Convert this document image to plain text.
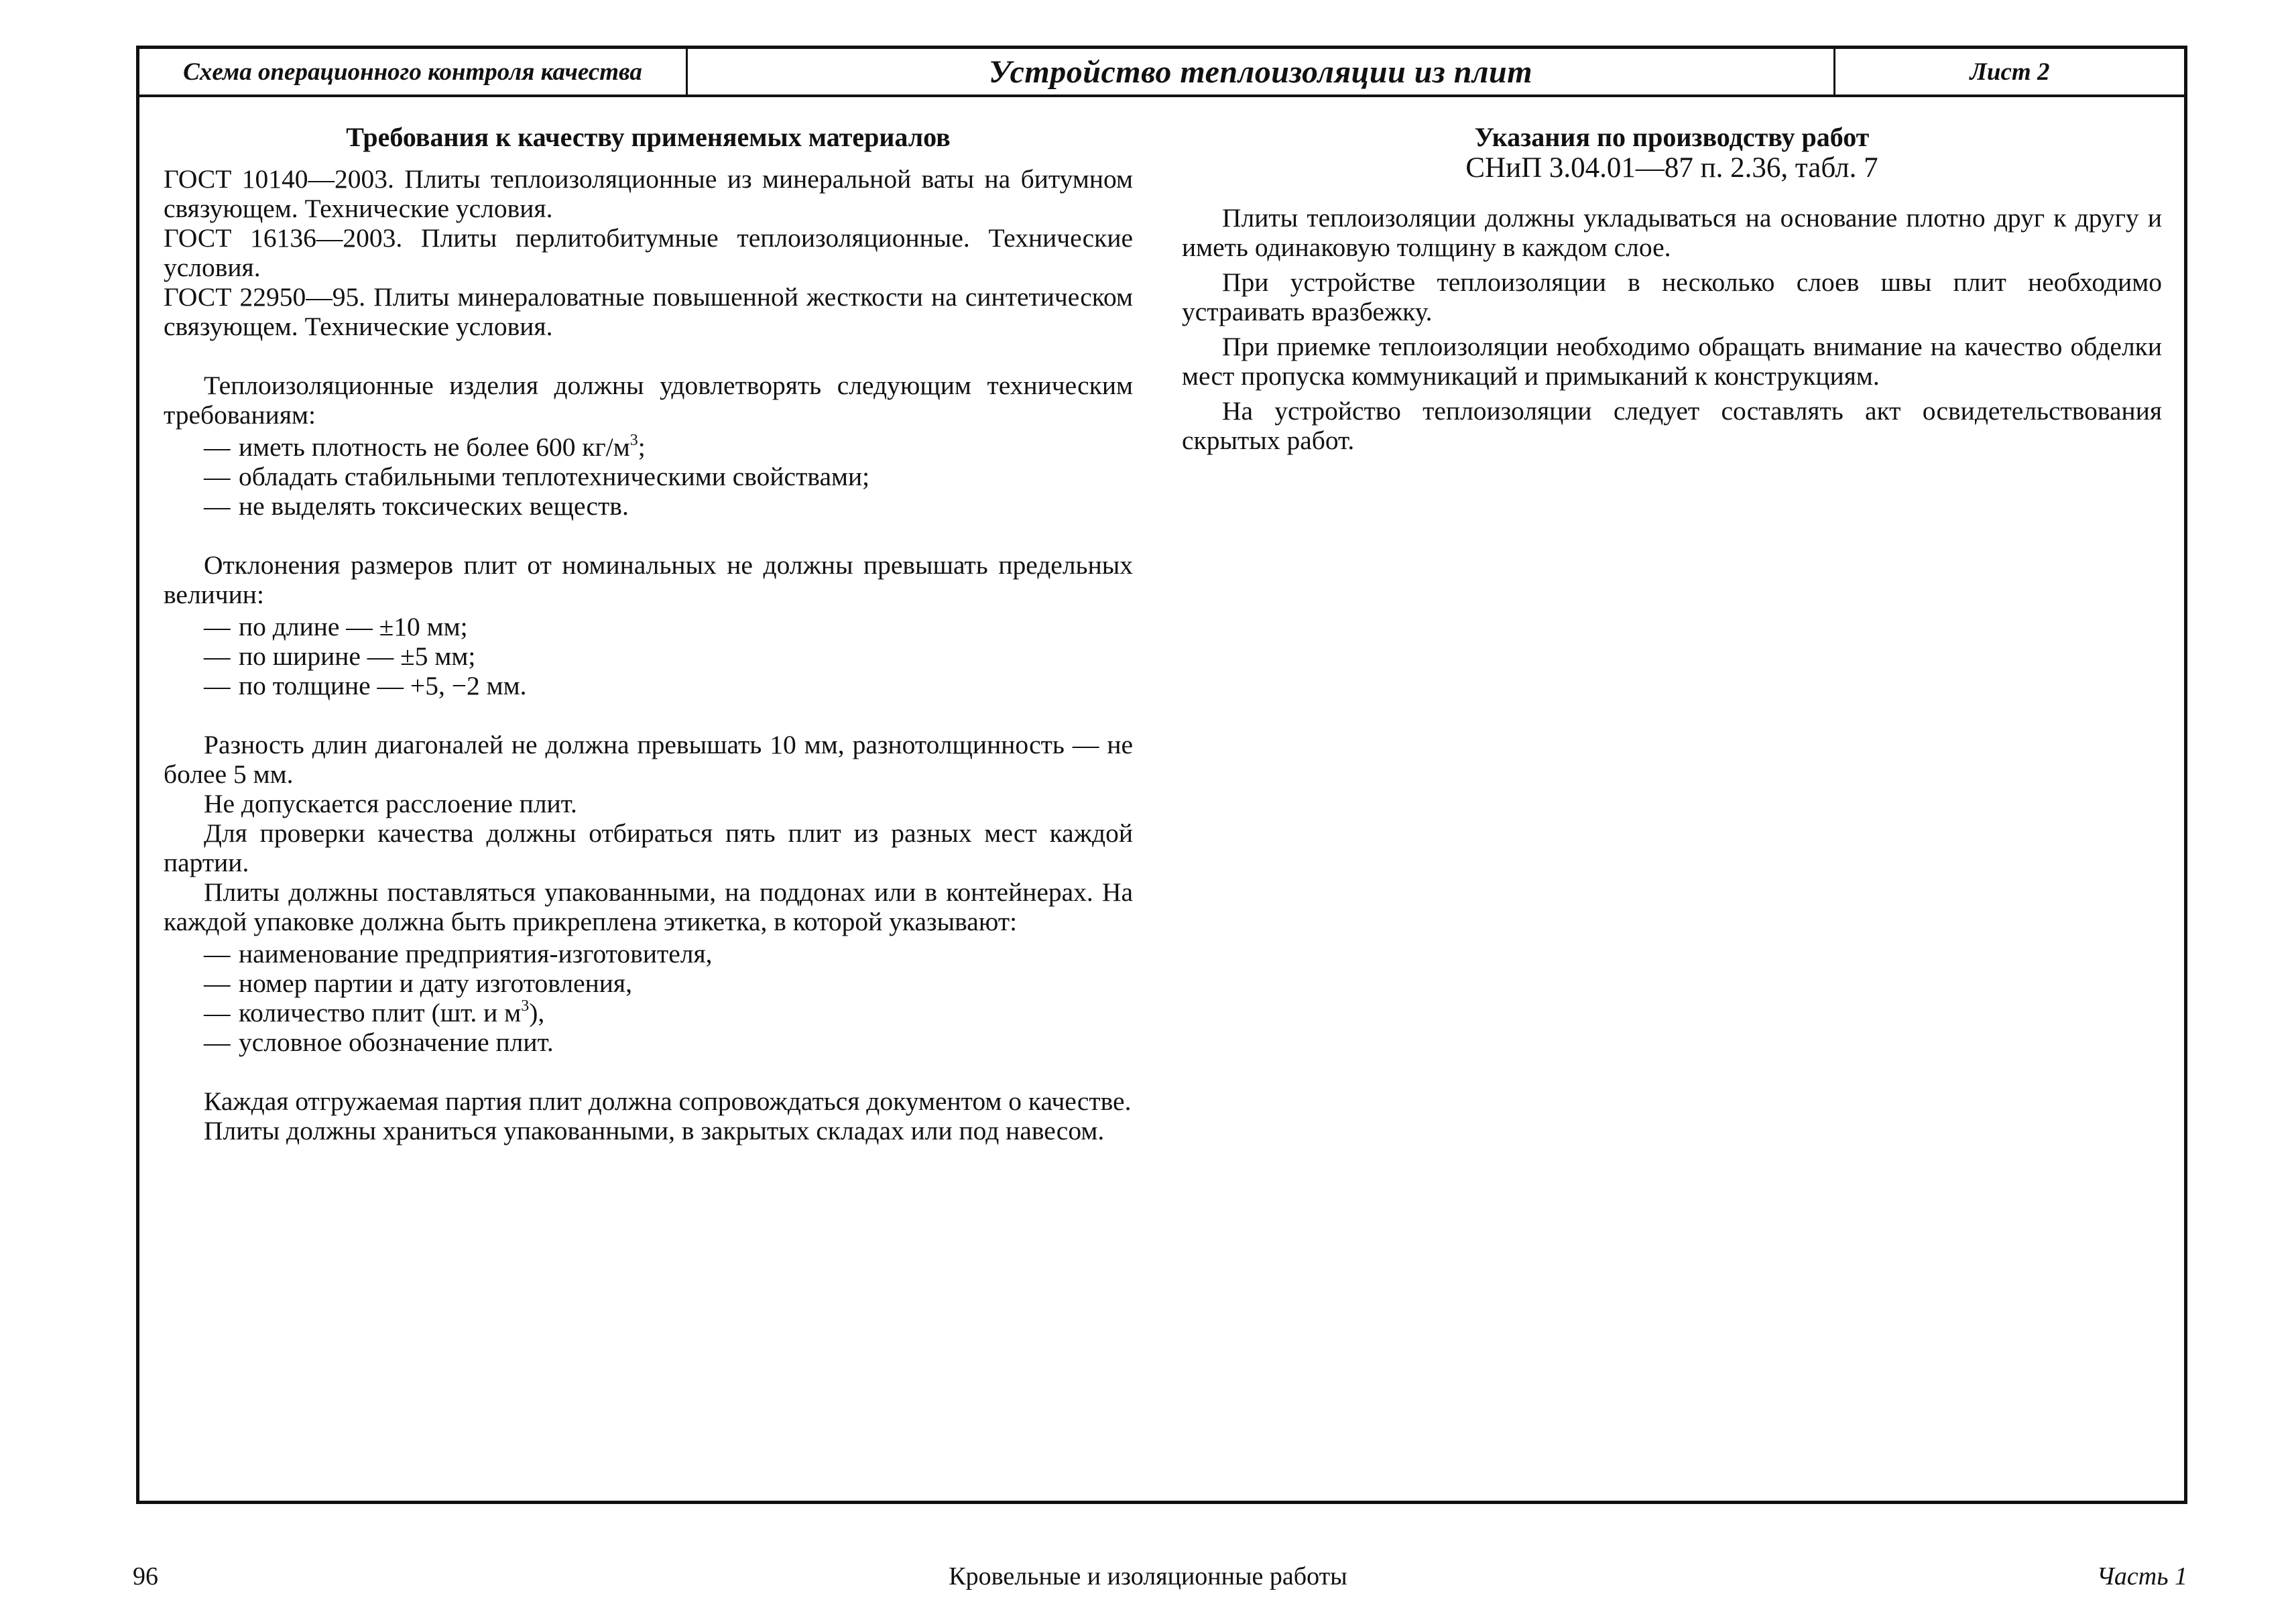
Схема операционного контроля качества	Устройство теплоизоляции из плит	Лист 2
Требования к качеству применяемых материалов

ГОСТ 10140—2003. Плиты теплоизоляционные из минеральной ваты на битумном связующем. Технические условия.

ГОСТ 16136—2003. Плиты перлитобитумные теплоизоляционные. Технические условия.

ГОСТ 22950—95. Плиты минераловатные повышенной жесткости на синтетическом связующем. Технические условия.

Теплоизоляционные изделия должны удовлетворять следующим техническим требованиям:

— иметь плотность не более 600 $кг/м^3$;
— обладать стабильными теплотехническими свойствами;
— не выделять токсических веществ.

Отклонения размеров плит от номинальных не должны превышать предельных величин:

— по длине — ±10 мм;
— по ширине — ±5 мм;
— по толщине — +5, −2 мм.

Разность длин диагоналей не должна превышать 10 мм, разнотолщинность — не более 5 мм.

Не допускается расслоение плит.

Для проверки качества должны отбираться пять плит из разных мест каждой партии.

Плиты должны поставляться упакованными, на поддонах или в контейнерах. На каждой упаковке должна быть прикреплена этикетка, в которой указывают:

— наименование предприятия-изготовителя,
— номер партии и дату изготовления,
— количество плит (шт. и $м^3$),
— условное обозначение плит.

Каждая отгружаемая партия плит должна сопровождаться документом о качестве.

Плиты должны храниться упакованными, в закрытых складах или под навесом.

Указания по производству работ
СНиП 3.04.01—87 п. 2.36, табл. 7

Плиты теплоизоляции должны укладываться на основание плотно друг к другу и иметь одинаковую толщину в каждом слое.

При устройстве теплоизоляции в несколько слоев швы плит необходимо устраивать вразбежку.

При приемке теплоизоляции необходимо обращать внимание на качество обделки мест пропуска коммуникаций и примыканий к конструкциям.

На устройство теплоизоляции следует составлять акт освидетельствования скрытых работ.

96	Кровельные и изоляционные работы	Часть 1
